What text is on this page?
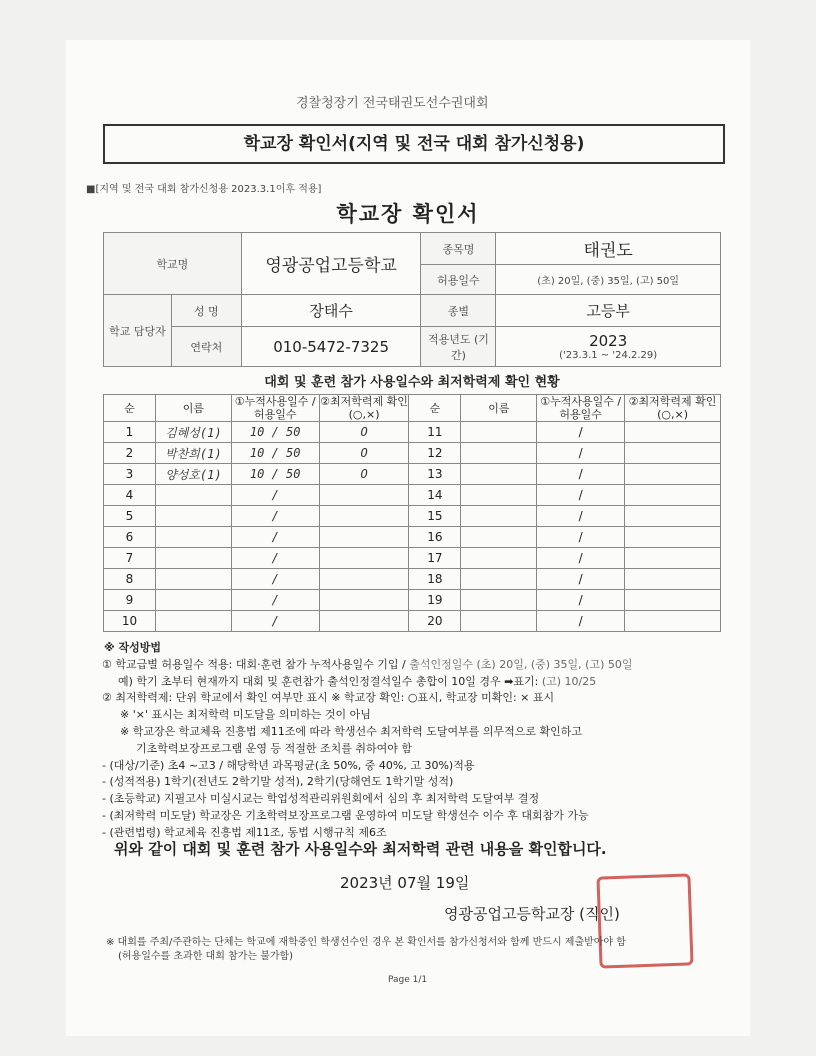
경찰청장기 전국태권도선수권대회
학교장 확인서(지역 및 전국 대회 참가신청용)
■[지역 및 전국 대회 참가신청용 2023.3.1이후 적용]
학교장 확인서
학교명		영광공업고등학교	종목명	태권도
			허용일수	(초) 20일, (중) 35일, (고) 50일
학교 담당자	성 명	장태수	종별	고등부
	연락처	010-5472-7325	적용년도 (기간)	2023
('23.3.1 ~ '24.2.29)
대회 및 훈련 참가 사용일수와 최저학력제 확인 현황
순	이름	①누적사용일수 /허용일수	②최저학력제 확인(○,×)	순	이름	①누적사용일수 /허용일수	②최저학력제 확인(○,×)
1	김혜성(1)	10 / 50	O	11		/	
2	박찬희(1)	10 / 50	O	12		/	
3	양성호(1)	10 / 50	O	13		/	
4		/		14		/	
5		/		15		/	
6		/		16		/	
7		/		17		/	
8		/		18		/	
9		/		19		/	
10		/		20		/	
※ 작성방법
① 학교급별 허용일수 적용: 대회·훈련 참가 누적사용일수 기입 / 출석인정일수 (초) 20일, (중) 35일, (고) 50일
예) 학기 초부터 현재까지 대회 및 훈련참가 출석인정결석일수 총합이 10일 경우 ➡표기: (고) 10/25
② 최저학력제: 단위 학교에서 확인 여부만 표시 ※ 학교장 확인: ○표시, 학교장 미확인: × 표시
※ '×' 표시는 최저학력 미도달을 의미하는 것이 아님
※ 학교장은 학교체육 진흥법 제11조에 따라 학생선수 최저학력 도달여부를 의무적으로 확인하고
기초학력보장프로그램 운영 등 적절한 조치를 취하여야 함
- (대상/기준) 초4 ~고3 / 해당학년 과목평균(초 50%, 중 40%, 고 30%)적용
- (성적적용) 1학기(전년도 2학기말 성적), 2학기(당해연도 1학기말 성적)
- (초등학교) 지필고사 미실시교는 학업성적관리위원회에서 심의 후 최저학력 도달여부 결정
- (최저학력 미도달) 학교장은 기초학력보장프로그램 운영하여 미도달 학생선수 이수 후 대회참가 가능
- (관련법령) 학교체육 진흥법 제11조, 동법 시행규칙 제6조
위와 같이 대회 및 훈련 참가 사용일수와 최저학력 관련 내용을 확인합니다.
2023년 07월 19일
영광공업고등학교장 (직인)
※ 대회를 주최/주관하는 단체는 학교에 재학중인 학생선수인 경우 본 확인서를 참가신청서와 함께 반드시 제출받아야 함
(허용일수를 초과한 대회 참가는 불가함)
Page 1/1
